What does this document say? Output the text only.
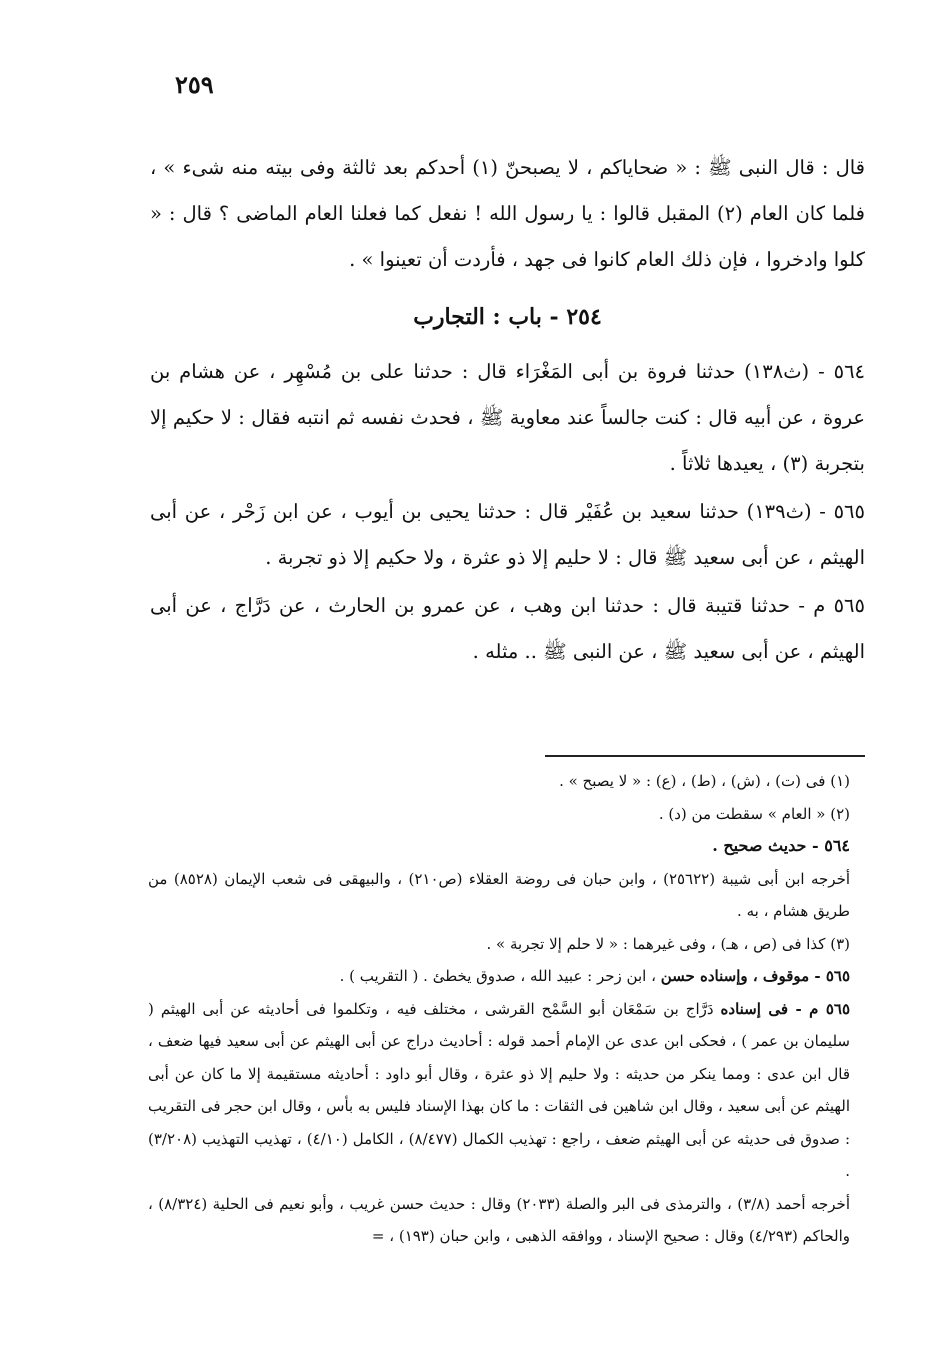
٢٥٩

قال : قال النبى ﷺ : « ضحاياكم ، لا يصبحنّ (١) أحدكم بعد ثالثة وفى بيته منه شىء » ، فلما كان العام (٢) المقبل قالوا : يا رسول الله ! نفعل كما فعلنا العام الماضى ؟ قال : « كلوا وادخروا ، فإن ذلك العام كانوا فى جهد ، فأردت أن تعينوا » .

٢٥٤ - باب : التجارب

٥٦٤ - (ث١٣٨) حدثنا فروة بن أبى المَغْرَاء قال : حدثنا على بن مُسْهِر ، عن هشام بن عروة ، عن أبيه قال : كنت جالساً عند معاوية ﷺ ، فحدث نفسه ثم انتبه فقال : لا حكيم إلا بتجربة (٣) ، يعيدها ثلاثاً .

٥٦٥ - (ث١٣٩) حدثنا سعيد بن عُفَيْر قال : حدثنا يحيى بن أيوب ، عن ابن زَحْر ، عن أبى الهيثم ، عن أبى سعيد ﷺ قال : لا حليم إلا ذو عثرة ، ولا حكيم إلا ذو تجربة .

٥٦٥ م - حدثنا قتيبة قال : حدثنا ابن وهب ، عن عمرو بن الحارث ، عن دَرَّاج ، عن أبى الهيثم ، عن أبى سعيد ﷺ ، عن النبى ﷺ .. مثله .

(١) فى (ت) ، (ش) ، (ط) ، (ع) : « لا يصبح » .

(٢) « العام » سقطت من (د) .

٥٦٤ - حديث صحيح .

أخرجه ابن أبى شيبة (٢٥٦٢٢) ، وابن حبان فى روضة العقلاء (ص٢١٠) ، والبيهقى فى شعب الإيمان (٨٥٢٨) من طريق هشام ، به .

(٣) كذا فى (ص ، هـ) ، وفى غيرهما : « لا حلم إلا تجربة » .

٥٦٥ - موقوف ، وإسناده حسن ، ابن زحر : عبيد الله ، صدوق يخطئ . ( التقريب ) .

٥٦٥ م - فى إسناده دَرَّاج بن سَمْعَان أبو السَّمْح القرشى ، مختلف فيه ، وتكلموا فى أحاديثه عن أبى الهيثم ( سليمان بن عمر ) ، فحكى ابن عدى عن الإمام أحمد قوله : أحاديث دراج عن أبى الهيثم عن أبى سعيد فيها ضعف ، قال ابن عدى : ومما ينكر من حديثه : ولا حليم إلا ذو عثرة ، وقال أبو داود : أحاديثه مستقيمة إلا ما كان عن أبى الهيثم عن أبى سعيد ، وقال ابن شاهين فى الثقات : ما كان بهذا الإسناد فليس به بأس ، وقال ابن حجر فى التقريب : صدوق فى حديثه عن أبى الهيثم ضعف ، راجع : تهذيب الكمال (٨/٤٧٧) ، الكامل (٤/١٠) ، تهذيب التهذيب (٣/٢٠٨) .

أخرجه أحمد (٣/٨) ، والترمذى فى البر والصلة (٢٠٣٣) وقال : حديث حسن غريب ، وأبو نعيم فى الحلية (٨/٣٢٤) ، والحاكم (٤/٢٩٣) وقال : صحيح الإسناد ، ووافقه الذهبى ، وابن حبان (١٩٣) ، =
